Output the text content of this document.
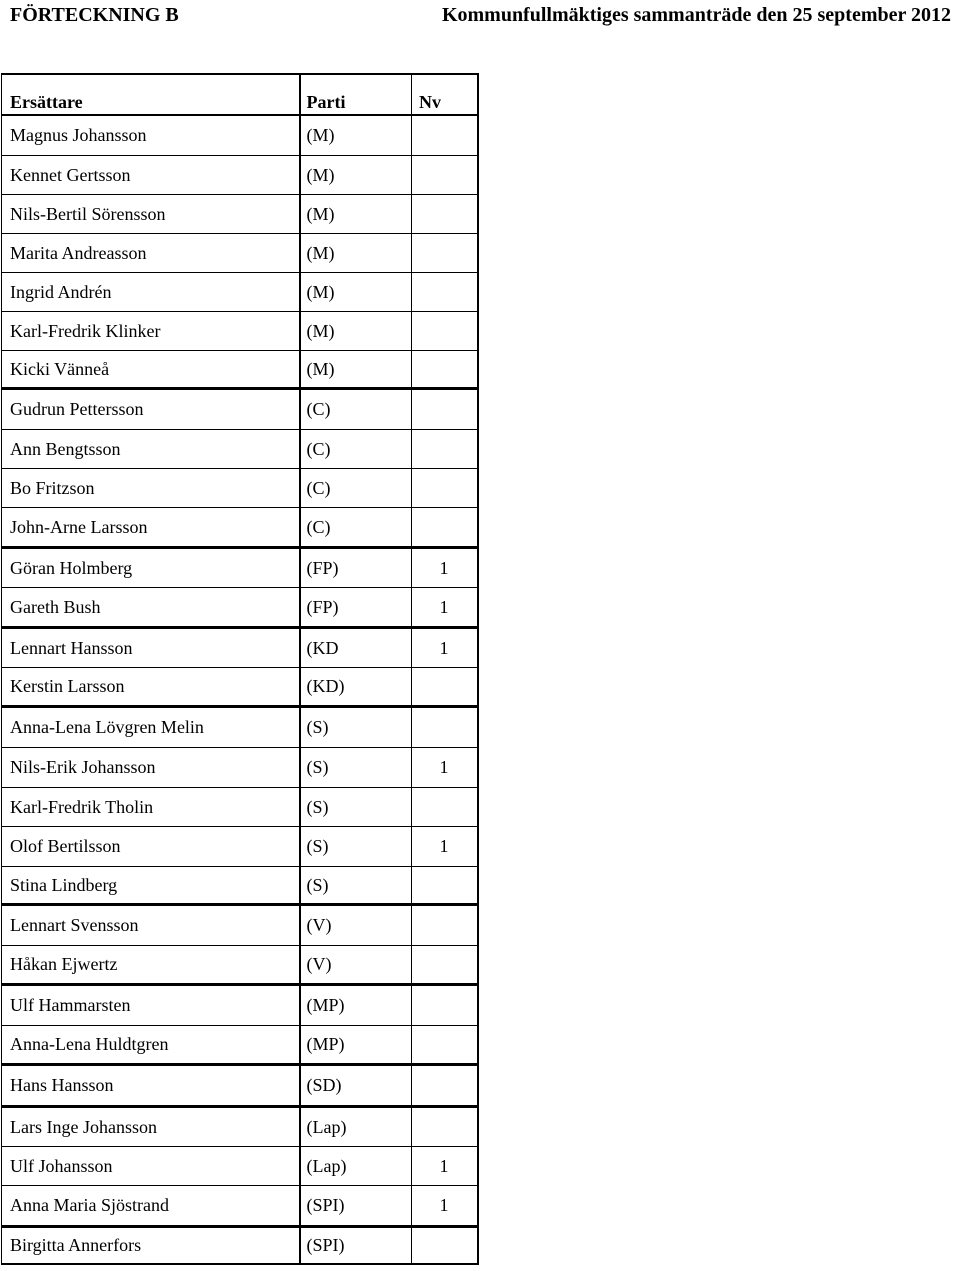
FÖRTECKNING B	Kommunfullmäktiges sammanträde den 25 september 2012
Ersättare	Parti	Nv
Magnus Johansson	(M)	
Kennet Gertsson	(M)	
Nils-Bertil Sörensson	(M)	
Marita Andreasson	(M)	
Ingrid Andrén	(M)	
Karl-Fredrik Klinker	(M)	
Kicki Vänneå	(M)	
Gudrun Pettersson	(C)	
Ann Bengtsson	(C)	
Bo Fritzson	(C)	
John-Arne Larsson	(C)	
Göran Holmberg	(FP)	1
Gareth Bush	(FP)	1
Lennart Hansson	(KD	1
Kerstin Larsson	(KD)	
Anna-Lena Lövgren Melin	(S)	
Nils-Erik Johansson	(S)	1
Karl-Fredrik Tholin	(S)	
Olof Bertilsson	(S)	1
Stina Lindberg	(S)	
Lennart Svensson	(V)	
Håkan Ejwertz	(V)	
Ulf Hammarsten	(MP)	
Anna-Lena Huldtgren	(MP)	
Hans Hansson	(SD)	
Lars Inge Johansson	(Lap)	
Ulf Johansson	(Lap)	1
Anna Maria Sjöstrand	(SPI)	1
Birgitta Annerfors	(SPI)	
